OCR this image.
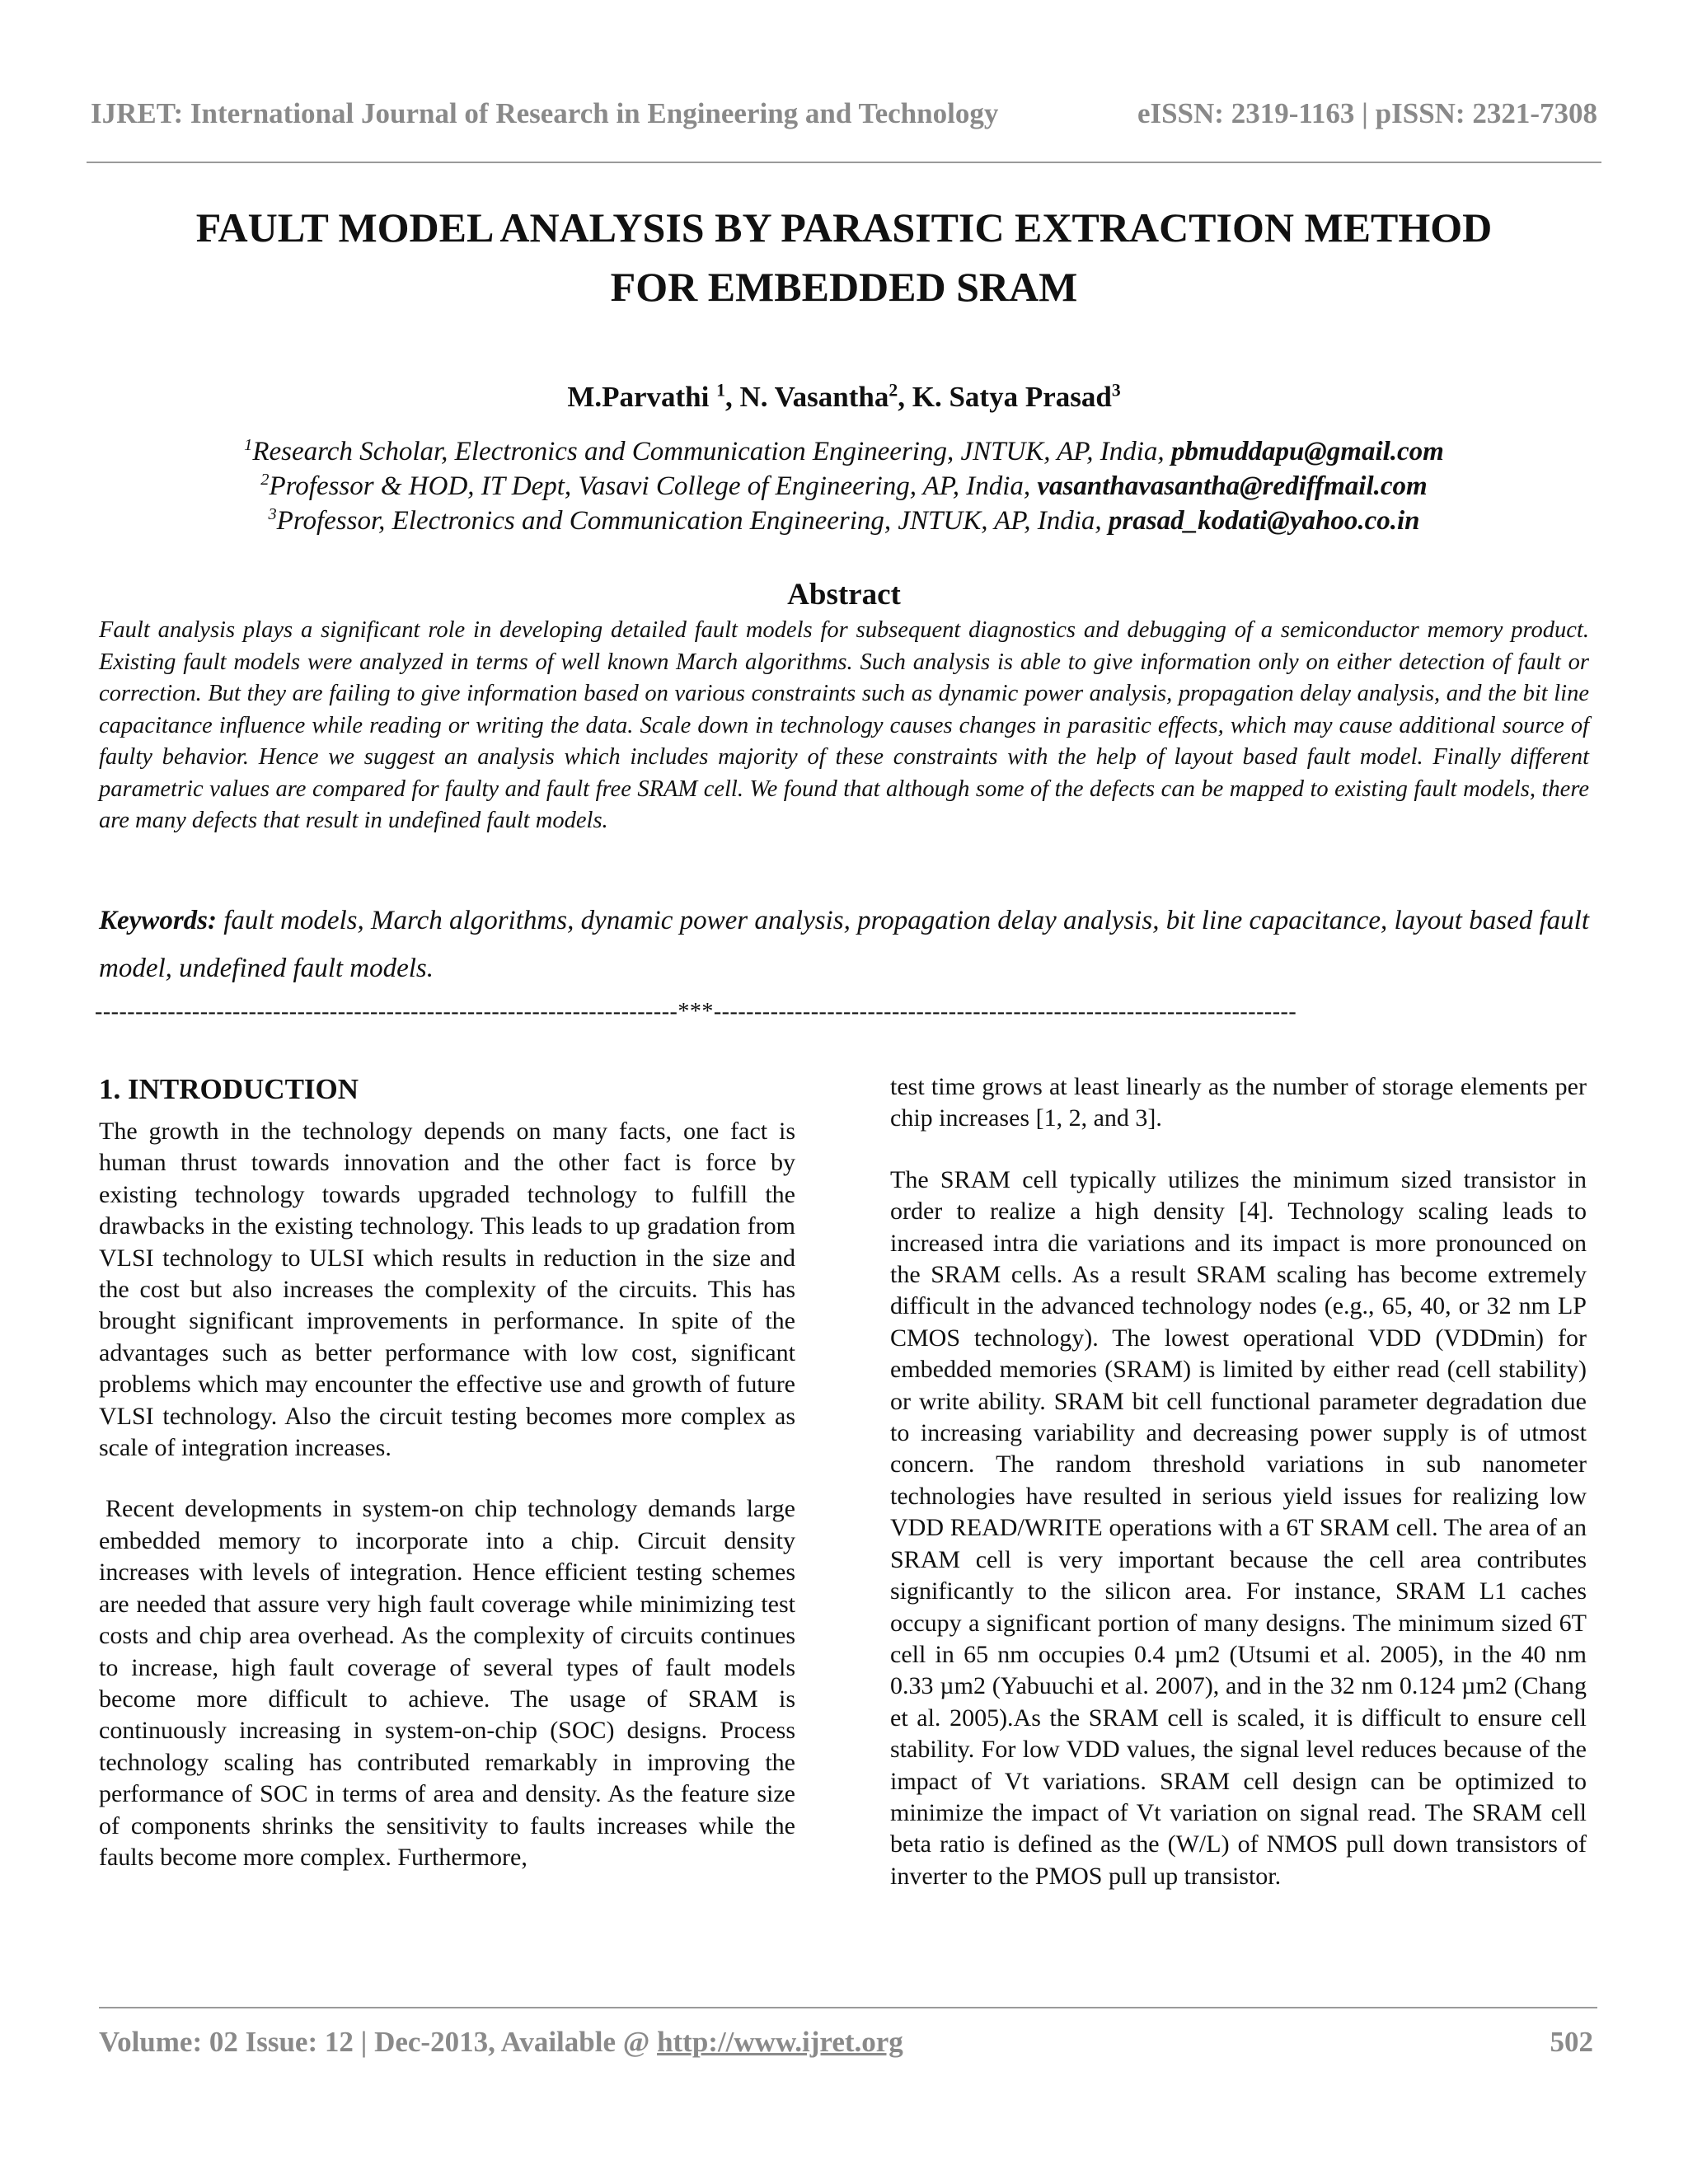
IJRET: International Journal of Research in Engineering and Technology	eISSN: 2319-1163 | pISSN: 2321-7308
FAULT MODEL ANALYSIS BY PARASITIC EXTRACTION METHOD
FOR EMBEDDED SRAM

M.Parvathi $^1$, N. Vasantha$^2$, K. Satya Prasad$^3$

$^1$Research Scholar, Electronics and Communication Engineering, JNTUK, AP, India, pbmuddapu@gmail.com
$^2$Professor & HOD, IT Dept, Vasavi College of Engineering, AP, India, vasanthavasantha@rediffmail.com
$^3$Professor, Electronics and Communication Engineering, JNTUK, AP, India, prasad_kodati@yahoo.co.in
Abstract

Fault analysis plays a significant role in developing detailed fault models for subsequent diagnostics and debugging of a semiconductor memory product. Existing fault models were analyzed in terms of well known March algorithms. Such analysis is able to give information only on either detection of fault or correction. But they are failing to give information based on various constraints such as dynamic power analysis, propagation delay analysis, and the bit line capacitance influence while reading or writing the data. Scale down in technology causes changes in parasitic effects, which may cause additional source of faulty behavior. Hence we suggest an analysis which includes majority of these constraints with the help of layout based fault model. Finally different parametric values are compared for faulty and fault free SRAM cell. We found that although some of the defects can be mapped to existing fault models, there are many defects that result in undefined fault models.

Keywords: fault models, March algorithms, dynamic power analysis, propagation delay analysis, bit line capacitance, layout based fault model, undefined fault models.

------------------------------------------------------------------------***------------------------------------------------------------------------
1. INTRODUCTION

The growth in the technology depends on many facts, one fact is human thrust towards innovation and the other fact is force by existing technology towards upgraded technology to fulfill the drawbacks in the existing technology. This leads to up gradation from VLSI technology to ULSI which results in reduction in the size and the cost but also increases the complexity of the circuits. This has brought significant improvements in performance. In spite of the advantages such as better performance with low cost, significant problems which may encounter the effective use and growth of future VLSI technology. Also the circuit testing becomes more complex as scale of integration increases.

Recent developments in system-on chip technology demands large embedded memory to incorporate into a chip. Circuit density increases with levels of integration. Hence efficient testing schemes are needed that assure very high fault coverage while minimizing test costs and chip area overhead. As the complexity of circuits continues to increase, high fault coverage of several types of fault models become more difficult to achieve. The usage of SRAM is continuously increasing in system-on-chip (SOC) designs. Process technology scaling has contributed remarkably in improving the performance of SOC in terms of area and density. As the feature size of components shrinks the sensitivity to faults increases while the faults become more complex. Furthermore,

test time grows at least linearly as the number of storage elements per chip increases [1, 2, and 3].

The SRAM cell typically utilizes the minimum sized transistor in order to realize a high density [4]. Technology scaling leads to increased intra die variations and its impact is more pronounced on the SRAM cells. As a result SRAM scaling has become extremely difficult in the advanced technology nodes (e.g., 65, 40, or 32 nm LP CMOS technology). The lowest operational VDD (VDDmin) for embedded memories (SRAM) is limited by either read (cell stability) or write ability. SRAM bit cell functional parameter degradation due to increasing variability and decreasing power supply is of utmost concern. The random threshold variations in sub nanometer technologies have resulted in serious yield issues for realizing low VDD READ/WRITE operations with a 6T SRAM cell. The area of an SRAM cell is very important because the cell area contributes significantly to the silicon area. For instance, SRAM L1 caches occupy a significant portion of many designs. The minimum sized 6T cell in 65 nm occupies 0.4 µm2 (Utsumi et al. 2005), in the 40 nm 0.33 µm2 (Yabuuchi et al. 2007), and in the 32 nm 0.124 µm2 (Chang et al. 2005).As the SRAM cell is scaled, it is difficult to ensure cell stability. For low VDD values, the signal level reduces because of the impact of Vt variations. SRAM cell design can be optimized to minimize the impact of Vt variation on signal read. The SRAM cell beta ratio is defined as the (W/L) of NMOS pull down transistors of inverter to the PMOS pull up transistor.

Volume: 02 Issue: 12 | Dec-2013, Available @ http://www.ijret.org	502
